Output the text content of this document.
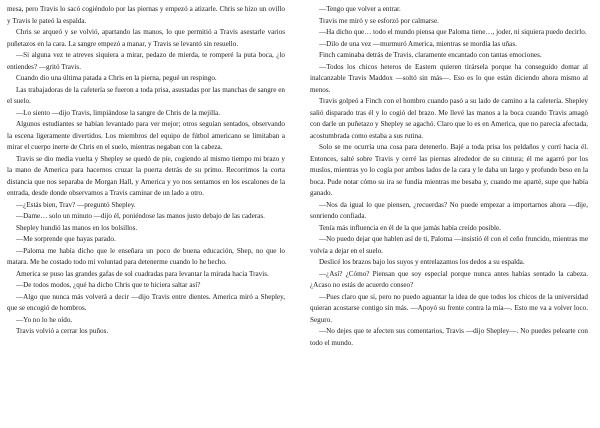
mesa, pero Travis lo sacó cogiéndolo por las piernas y empezó a atizarle. Chris se hizo un ovillo y Travis le pateó la espalda.

Chris se arqueó y se volvió, apartando las manos, lo que permitió a Travis asestarle varios puñetazos en la cara. La sangre empezó a manar, y Travis se levantó sin resuello.

—Si alguna vez te atreves siquiera a mirar, pedazo de mierda, te romperé la puta boca, ¿lo entiendes? —gritó Travis.

Cuando dio una última patada a Chris en la pierna, pegué un respingo.

Las trabajadoras de la cafetería se fueron a toda prisa, asustadas por las manchas de sangre en el suelo.

—Lo siento —dijo Travis, limpiándose la sangre de Chris de la mejilla.

Algunos estudiantes se habían levantado para ver mejor; otros seguían sentados, observando la escena ligeramente divertidos. Los miembros del equipo de fútbol americano se limitaban a mirar el cuerpo inerte de Chris en el suelo, mientras negaban con la cabeza.

Travis se dio media vuelta y Shepley se quedó de pie, cogiendo al mismo tiempo mi brazo y la mano de America para hacernos cruzar la puerta detrás de su primo. Recorrimos la corta distancia que nos separaba de Morgan Hall, y America y yo nos sentamos en los escalones de la entrada, desde donde observamos a Travis caminar de un lado a otro.

—¿Estás bien, Trav? —preguntó Shepley.

—Dame… solo un minuto —dijo él, poniéndose las manos justo debajo de las caderas.

Shepley hundió las manos en los bolsillos.

—Me sorprende que hayas parado.

—Paloma me había dicho que le enseñara un poco de buena educación, Shep, no que lo matara. Me he costado todo mi voluntad para detenerme cuando lo he hecho.

America se puso las grandes gafas de sol cuadradas para levantar la mirada hacia Travis.

—De todos modos, ¿qué ha dicho Chris que te hiciera saltar así?

—Algo que nunca más volverá a decir —dijo Travis entre dientes. America miró a Shepley, que se encogió de hombros.

—Yo no lo he oído.

Travis volvió a cerrar los puños.

—Tengo que volver a entrar.

Travis me miró y se esforzó por calmarse.

—Ha dicho que… todo el mundo piensa que Paloma tiene…, joder, ni siquiera puedo decirlo.

—Dilo de una vez —murmuró America, mientras se mordía las uñas.

Finch caminaba detrás de Travis, claramente encantado con tantas emociones.

—Todos los chicos heteros de Eastern quieren tirársela porque ha conseguido domar al inalcanzable Travis Maddox —soltó sin más—. Eso es lo que están diciendo ahora mismo al menos.

Travis golpeó a Finch con el hombro cuando pasó a su lado de camino a la cafetería. Shepley salió disparado tras él y lo cogió del brazo. Me llevé las manos a la boca cuando Travis amagó con darle un puñetazo y Shepley se agachó. Claro que lo es en America, que no parecía afectada, acostumbrada como estaba a sus rutina.

Solo se me ocurría una cosa para detenerlo. Bajé a toda prisa los peldaños y corrí hacia él. Entonces, salté sobre Travis y cerré las piernas alrededor de su cintura; él me agarró por los muslos, mientras yo lo cogía por ambos lados de la cara y le daba un largo y profundo beso en la boca. Pude notar cómo su ira se fundía mientras me besaba y, cuando me aparté, supe que había ganado.

—Nos da igual lo que piensen, ¿recuerdas? No puede empezar a importarnos ahora —dije, sonriendo confiada.

Tenía más influencia en él de la que jamás había creído posible.

—No puedo dejar que hablen así de ti, Paloma —insistió él con el ceño fruncido, mientras me volvía a dejar en el suelo.

Deslicé los brazos bajo los suyos y entrelazamos los dedos a su espalda.

—¿Así? ¿Cómo? Piensan que soy especial porque nunca antes habías sentado la cabeza. ¿Acaso no estás de acuerdo conseo?

—Pues claro que sí, pero no puedo aguantar la idea de que todos los chicos de la universidad quieran acostarse contigo sin más. —Apoyó su frente contra la mía—. Esto me va a volver loco. Seguro.

—No dejes que te afecten sus comentarios, Travis —dijo Shepley—. No puedes pelearte con todo el mundo.
